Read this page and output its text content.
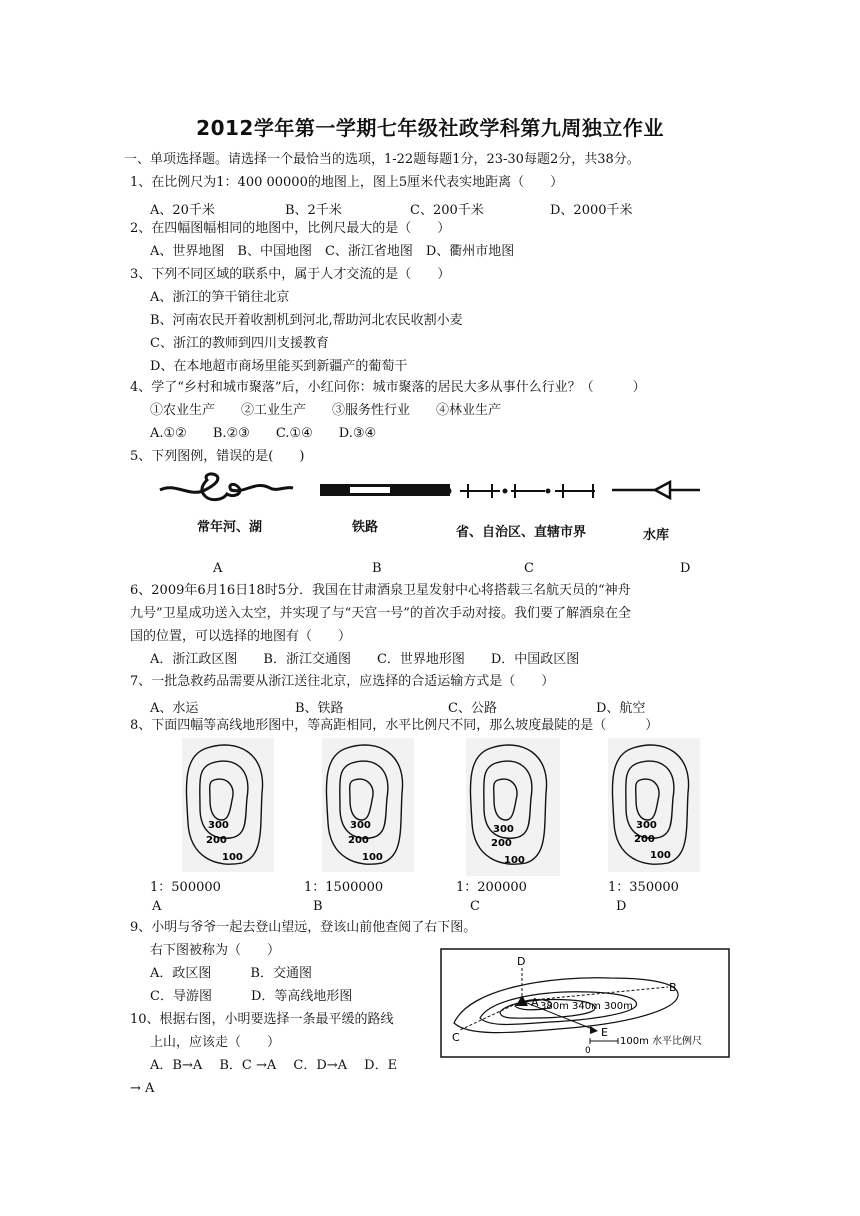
2012学年第一学期七年级社政学科第九周独立作业
一、单项选择题。请选择一个最恰当的选项，1-22题每题1分，23-30每题2分，共38分。
1、在比例尺为1：400 00000的地图上，图上5厘米代表实地距离（　　）
A、20千米	B、2千米	C、200千米	D、2000千米
2、在四幅图幅相同的地图中，比例尺最大的是（　　）
A、世界地图　B、中国地图　C、浙江省地图　D、衢州市地图
3、下列不同区域的联系中，属于人才交流的是（　　）
A、浙江的笋干销往北京
B、河南农民开着收割机到河北,帮助河北农民收割小麦
C、浙江的教师到四川支援教育
D、在本地超市商场里能买到新疆产的葡萄干
4、学了“乡村和城市聚落”后，小红问你：城市聚落的居民大多从事什么行业？（　　　）
①农业生产　　②工业生产　　③服务性行业　　④林业生产
A.①②　　B.②③　　C.①④　　D.③④
5、下列图例，错误的是(　　)
常年河、湖	铁路	省、自治区、直辖市界	水库
A	B	C	D
6、2009年6月16日18时5分．我国在甘肃酒泉卫星发射中心将搭载三名航天员的“神舟
九号”卫星成功送入太空，并实现了与“天宫一号”的首次手动对接。我们要了解酒泉在全
国的位置，可以选择的地图有（　　）
A．浙江政区图　　B．浙江交通图　　C．世界地形图　　D．中国政区图
7、一批急救药品需要从浙江送往北京，应选择的合适运输方式是（　　）
A、水运	B、铁路	C、公路	D、航空
8、下面四幅等高线地形图中，等高距相同，水平比例尺不同，那么坡度最陡的是（　　　）
300
200
100
300
200
100
300
200
100
300
200
100
1：500000	1：1500000	1：200000	1：350000
A	B	C	D
9、小明与爷爷一起去登山望远，登该山前他查阅了右下图。
右下图被称为（　　）
A．政区图　　　B．交通图
C．导游图　　　D．等高线地形图
10、根据右图，小明要选择一条最平缓的路线
上山，应该走（　　）
A．B→A　 B．C →A　 C．D→A　 D．E
→ A
D
A
B
C	E
380m 340m 300m
0
100m 水平比例尺
